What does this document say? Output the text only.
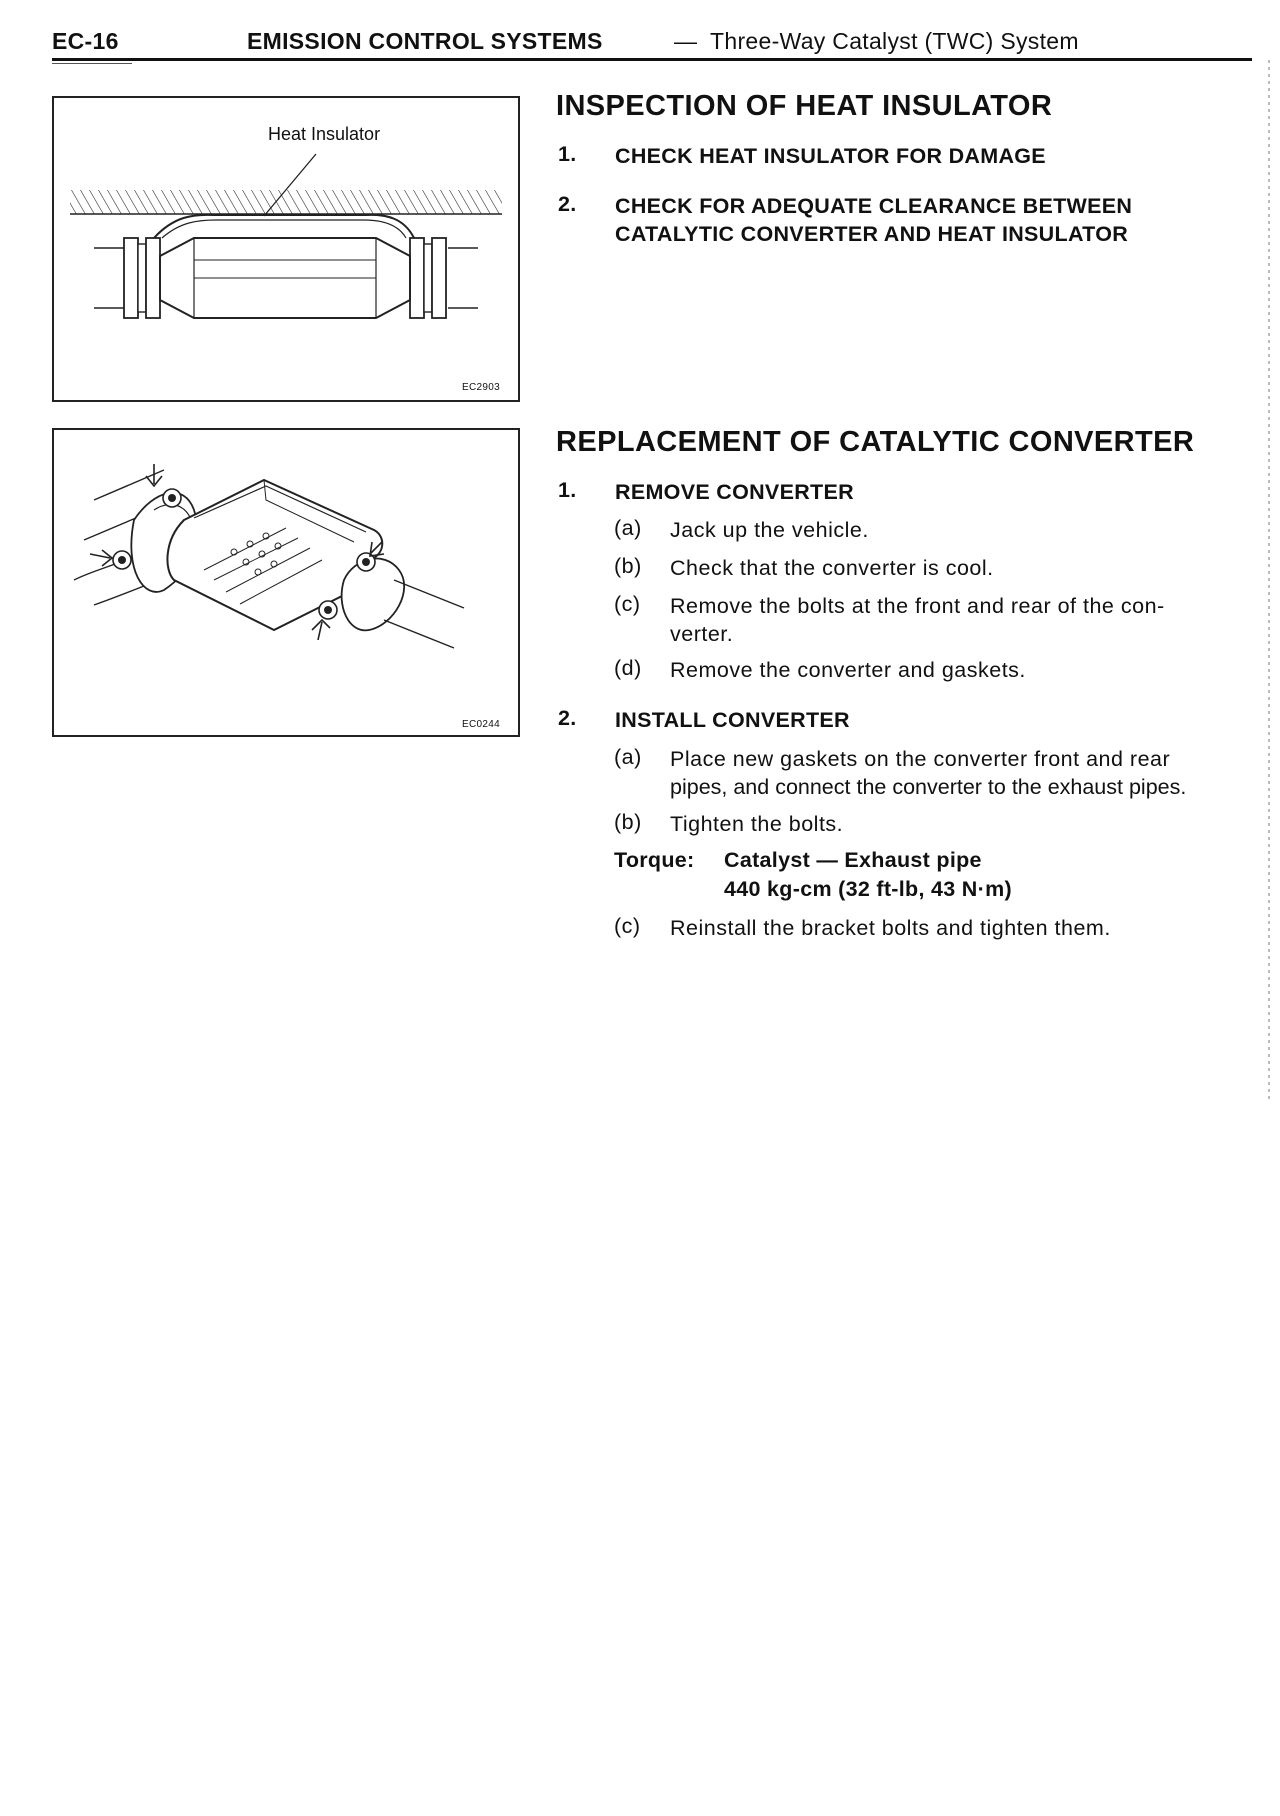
EC-16	EMISSION CONTROL SYSTEMS	— Three-Way Catalyst (TWC) System
Heat Insulator
EC2903
EC0244
INSPECTION OF HEAT INSULATOR
1. CHECK HEAT INSULATOR FOR DAMAGE
2. CHECK FOR ADEQUATE CLEARANCE BETWEEN
CATALYTIC CONVERTER AND HEAT INSULATOR
REPLACEMENT OF CATALYTIC CONVERTER
1. REMOVE CONVERTER
(a) Jack up the vehicle.
(b) Check that the converter is cool.
(c) Remove the bolts at the front and rear of the con-
verter.
(d) Remove the converter and gaskets.
2. INSTALL CONVERTER
(a) Place new gaskets on the converter front and rear
pipes, and connect the converter to the exhaust pipes.
(b) Tighten the bolts.
Torque: Catalyst — Exhaust pipe
440 kg-cm (32 ft-lb, 43 N·m)
(c) Reinstall the bracket bolts and tighten them.
